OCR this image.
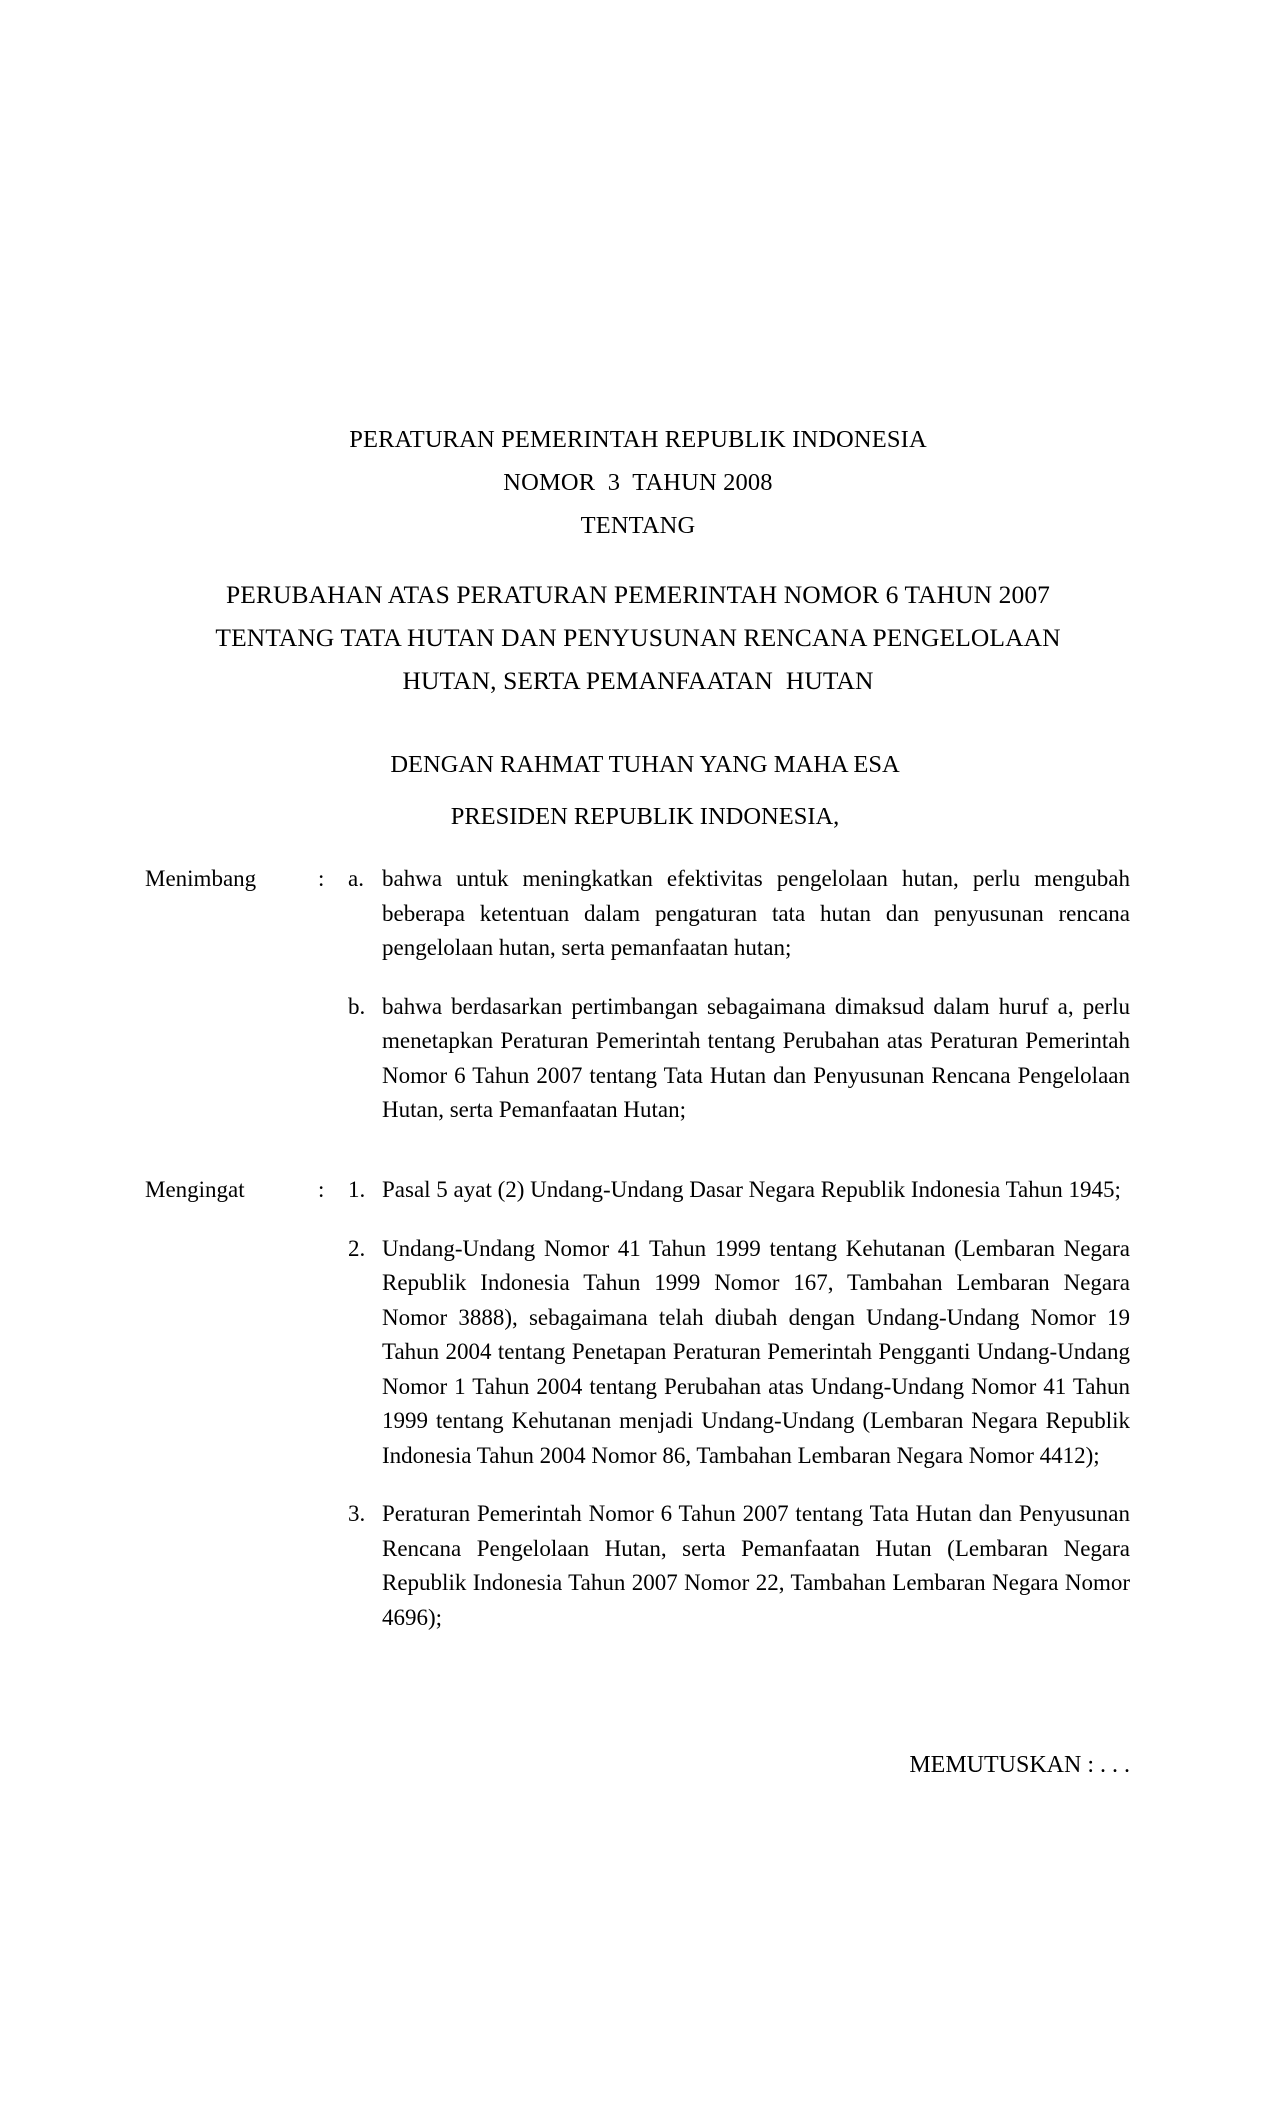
PERATURAN PEMERINTAH REPUBLIK INDONESIA
NOMOR  3  TAHUN 2008
TENTANG
PERUBAHAN ATAS PERATURAN PEMERINTAH NOMOR 6 TAHUN 2007
TENTANG TATA HUTAN DAN PENYUSUNAN RENCANA PENGELOLAAN
HUTAN, SERTA PEMANFAATAN  HUTAN
DENGAN RAHMAT TUHAN YANG MAHA ESA
PRESIDEN REPUBLIK INDONESIA,
Menimbang	: a. bahwa untuk meningkatkan efektivitas pengelolaan hutan, perlu mengubah beberapa ketentuan dalam pengaturan tata hutan dan penyusunan rencana pengelolaan hutan, serta pemanfaatan hutan;
b. bahwa berdasarkan pertimbangan sebagaimana dimaksud dalam huruf a, perlu menetapkan Peraturan Pemerintah tentang Perubahan atas Peraturan Pemerintah Nomor 6 Tahun 2007 tentang Tata Hutan dan Penyusunan Rencana Pengelolaan Hutan, serta Pemanfaatan Hutan;
Mengingat	: 1. Pasal 5 ayat (2) Undang-Undang Dasar Negara Republik Indonesia Tahun 1945;
2. Undang-Undang Nomor 41 Tahun 1999 tentang Kehutanan (Lembaran Negara Republik Indonesia Tahun 1999 Nomor 167, Tambahan Lembaran Negara  Nomor 3888), sebagaimana telah diubah dengan Undang-Undang Nomor 19 Tahun 2004 tentang Penetapan Peraturan Pemerintah Pengganti Undang-Undang Nomor 1 Tahun 2004 tentang Perubahan atas Undang-Undang Nomor 41 Tahun 1999 tentang Kehutanan menjadi Undang-Undang (Lembaran Negara Republik Indonesia Tahun 2004 Nomor 86, Tambahan Lembaran Negara Nomor 4412);
3. Peraturan Pemerintah Nomor 6 Tahun 2007 tentang Tata Hutan dan Penyusunan Rencana Pengelolaan Hutan, serta Pemanfaatan Hutan (Lembaran Negara Republik Indonesia Tahun 2007 Nomor 22, Tambahan Lembaran Negara Nomor 4696);
MEMUTUSKAN : . . .
